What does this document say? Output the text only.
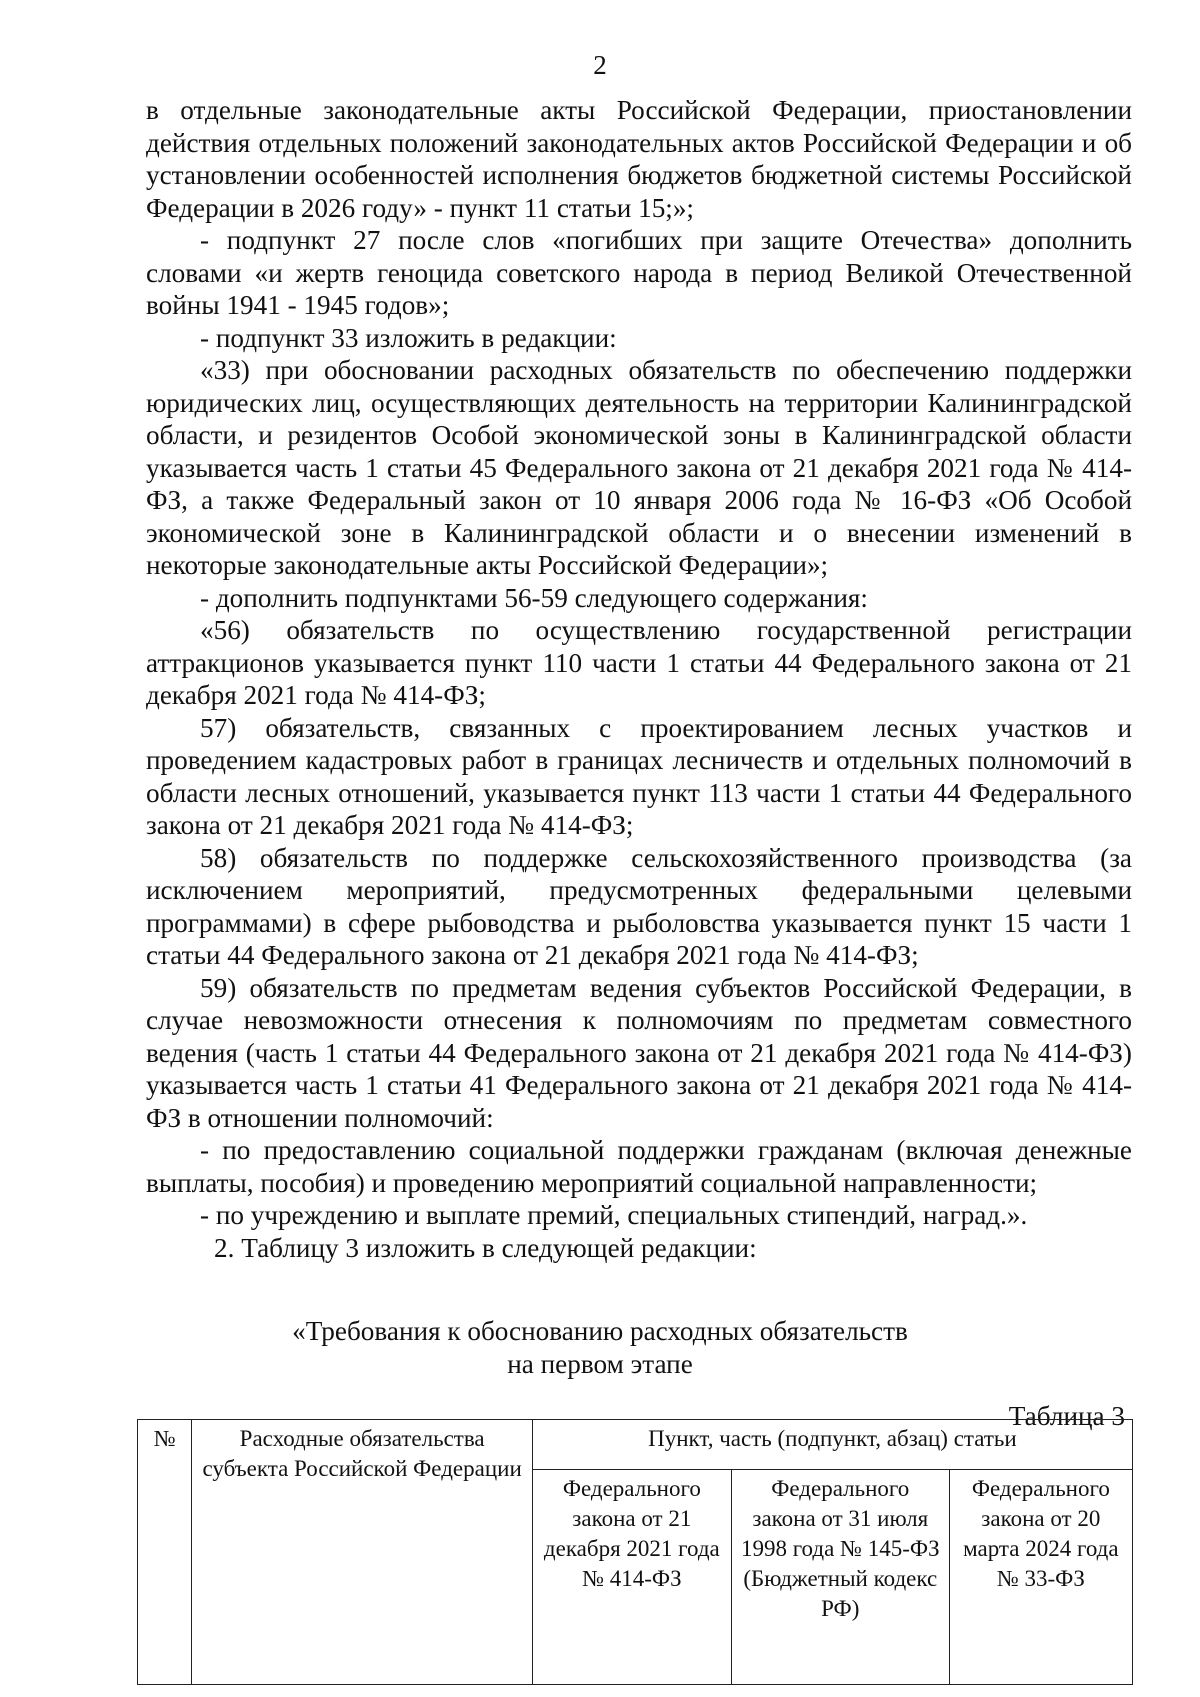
2

в отдельные законодательные акты Российской Федерации, приостановлении действия отдельных положений законодательных актов Российской Федерации и об установлении особенностей исполнения бюджетов бюджетной системы Российской Федерации в 2026 году» - пункт 11 статьи 15;»;

- подпункт 27 после слов «погибших при защите Отечества» дополнить словами «и жертв геноцида советского народа в период Великой Отечественной войны 1941 - 1945 годов»;

- подпункт 33 изложить в редакции:

«33) при обосновании расходных обязательств по обеспечению поддержки юридических лиц, осуществляющих деятельность на территории Калининградской области, и резидентов Особой экономической зоны в Калининградской области указывается часть 1 статьи 45 Федерального закона от 21 декабря 2021 года № 414-ФЗ, а также Федеральный закон от 10 января 2006 года № 16-ФЗ «Об Особой экономической зоне в Калининградской области и о внесении изменений в некоторые законодательные акты Российской Федерации»;

- дополнить подпунктами 56-59 следующего содержания:

«56) обязательств по осуществлению государственной регистрации аттракционов указывается пункт 110 части 1 статьи 44 Федерального закона от 21 декабря 2021 года № 414-ФЗ;

57) обязательств, связанных с проектированием лесных участков и проведением кадастровых работ в границах лесничеств и отдельных полномочий в области лесных отношений, указывается пункт 113 части 1 статьи 44 Федерального закона от 21 декабря 2021 года № 414-ФЗ;

58) обязательств по поддержке сельскохозяйственного производства (за исключением мероприятий, предусмотренных федеральными целевыми программами) в сфере рыбоводства и рыболовства указывается пункт 15 части 1 статьи 44 Федерального закона от 21 декабря 2021 года № 414-ФЗ;

59) обязательств по предметам ведения субъектов Российской Федерации, в случае невозможности отнесения к полномочиям по предметам совместного ведения (часть 1 статьи 44 Федерального закона от 21 декабря 2021 года № 414-ФЗ) указывается часть 1 статьи 41 Федерального закона от 21 декабря 2021 года № 414-ФЗ в отношении полномочий:

- по предоставлению социальной поддержки гражданам (включая денежные выплаты, пособия) и проведению мероприятий социальной направленности;

- по учреждению и выплате премий, специальных стипендий, наград.».

2. Таблицу 3 изложить в следующей редакции:

«Требования к обоснованию расходных обязательств
на первом этапе
Таблица 3
№	Расходные обязательства субъекта Российской Федерации	Пункт, часть (подпункт, абзац) статьи		
		Федерального закона от 21 декабря 2021 года № 414-ФЗ	Федерального закона от 31 июля 1998 года № 145-ФЗ (Бюджетный кодекс РФ)	Федерального закона от 20 марта 2024 года № 33-ФЗ
